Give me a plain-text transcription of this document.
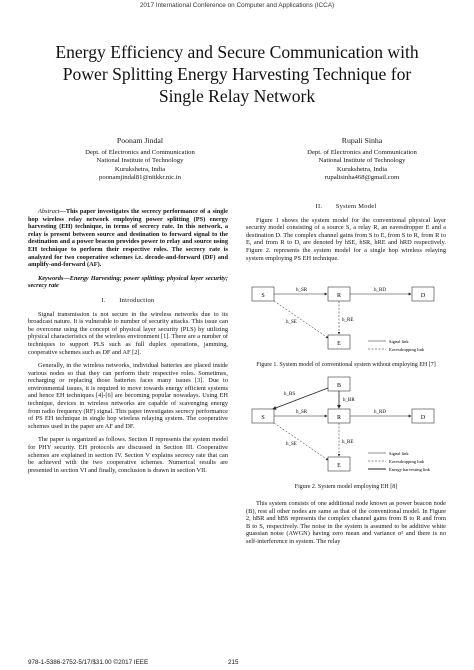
2017 International Conference on Computer and Applications (ICCA)
Energy Efficiency and Secure Communication with
Power Splitting Energy Harvesting Technique for
Single Relay Network
Poonam Jindal
Dept. of Electronics and Communication
National Institute of Technology
Kurukshetra, India
poonamjindal81@nitkkr.nic.in
Rupali Sinha
Dept. of Electronics and Communication
National Institute of Technology
Kurukshetra, India
rupalisinha468@gmail.com

Abstract—This paper investigates the secrecy performance of a single hop wireless relay network employing power splitting (PS) energy harvesting (EH) technique, in terms of secrecy rate. In this network, a relay is present between source and destination to forward signal to the destination and a power beacon provides power to relay and source using EH technique to perform their respective roles. The secrecy rate is analyzed for two cooperative schemes i.e. decode-and-forward (DF) and amplify-and-forward (AF).

Keywords—Energy Harvesting; power splitting; physical layer security; secrecy rate

I.  Introduction

Signal transmission is not secure in the wireless networks due to its broadcast nature. It is vulnerable to number of security attacks. This issue can be overcome using the concept of physical layer security (PLS) by utilizing physical characteristics of the wireless environment [1]. There are a number of techniques to support PLS such as full duplex operations, jamming, cooperative schemes such as DF and AF [2].

Generally, in the wireless networks, individual batteries are placed inside various nodes so that they can perform their respective roles. Sometimes, recharging or replacing those batteries faces many issues [3]. Due to environmental issues, it is required to move towards energy efficient systems and hence EH techniques [4]-[6] are becoming popular nowadays. Using EH technique, devices in wireless networks are capable of scavenging energy from radio frequency (RF) signal. This paper investigates secrecy performance of PS EH technique in single hop wireless relaying system. The cooperative schemes used in the paper are AF and DF.

The paper is organized as follows. Section II represents the system model for PHY security. EH protocols are discussed in Section III. Cooperative schemes are explained in section IV. Section V explains secrecy rate that can be achieved with the two cooperative schemes. Numerical results are presented in section VI and finally, conclusion is drawn in section VII.

II.  System Model

Figure 1 shows the system model for the conventional physical layer security model consisting of a source S, a relay R, an eavesdropper E and a destination D. The complex channel gains from S to E, from S to R, from R to E, and from R to D, are denoted by hSE, hSR, hRE and hRD respectively. Figure 2. represents the system model for a single hop wireless relaying system employing PS EH technique.

S	R	D
E
h_SR	h_RD
h_SE	h_RE
Signal link
Eavesdropping link
Figure 1. System model of conventional system without employing EH [7]
B
S	R	D
E
h_BS
h_BR
h_SR	h_RD
h_SE	h_RE
Signal link
Eavesdropping link
Energy harvesting link
Figure 2. System model employing EH [8]

This system consists of one additional node known as power beacon node (B), rest all other nodes are same as that of the conventional model. In Figure 2, hBR and hBS represents the complex channel gains from B to R and from B to S, respectively. The noise in the system is assumed to be additive white guassian noise (AWGN) having zero mean and variance σ² and there is no self-interference in system. The relay

978-1-5386-2752-5/17/$31.00 ©2017 IEEE	215
